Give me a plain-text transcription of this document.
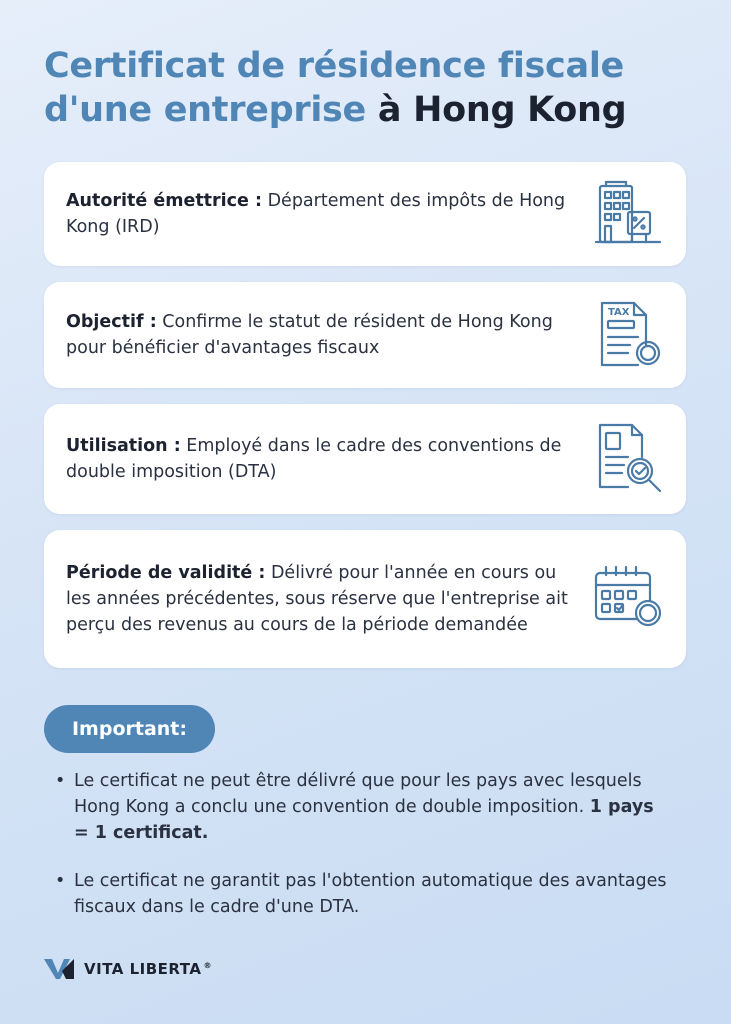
Certificat de résidence fiscale
d'une entreprise à Hong Kong
Autorité émettrice : Département des impôts de Hong Kong (IRD)
Objectif : Confirme le statut de résident de Hong Kong pour bénéficier d'avantages fiscaux
TAX
Utilisation : Employé dans le cadre des conventions de double imposition (DTA)
Période de validité : Délivré pour l'année en cours ou les années précédentes, sous réserve que l'entreprise ait perçu des revenus au cours de la période demandée
Important:
• Le certificat ne peut être délivré que pour les pays avec lesquels Hong Kong a conclu une convention de double imposition. 1 pays = 1 certificat.
• Le certificat ne garantit pas l'obtention automatique des avantages fiscaux dans le cadre d'une DTA.
VITA LIBERTA ®
